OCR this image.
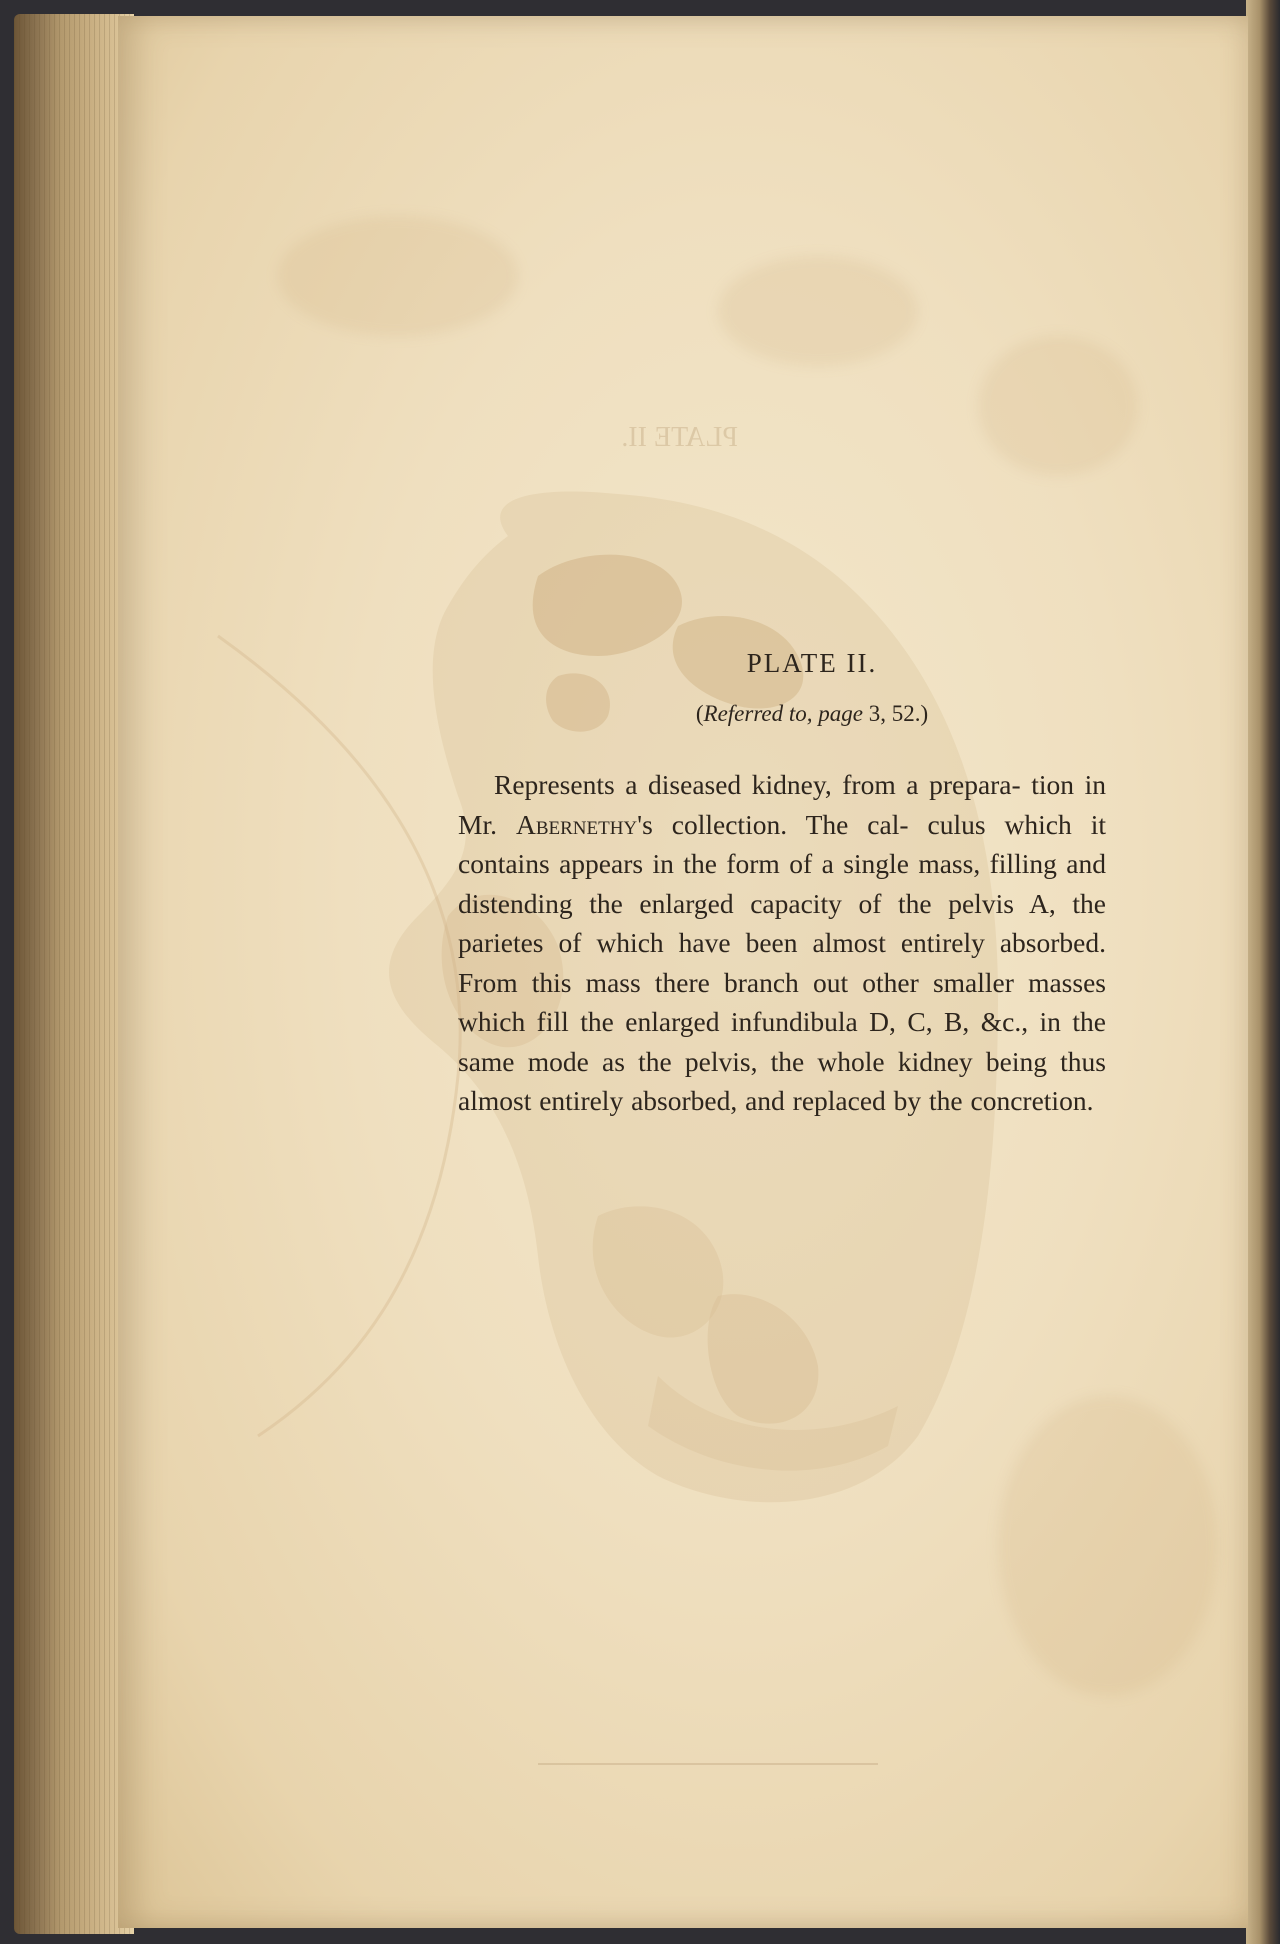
PLATE II.
PLATE II.
(Referred to, page 3, 52.)

Represents a diseased kidney, from a prepara- tion in Mr. Abernethy's collection. The cal- culus which it contains appears in the form of a single mass, filling and distending the enlarged capacity of the pelvis A, the parietes of which have been almost entirely absorbed. From this mass there branch out other smaller masses which fill the enlarged infundibula D, C, B, &c., in the same mode as the pelvis, the whole kidney being thus almost entirely absorbed, and replaced by the concretion.
